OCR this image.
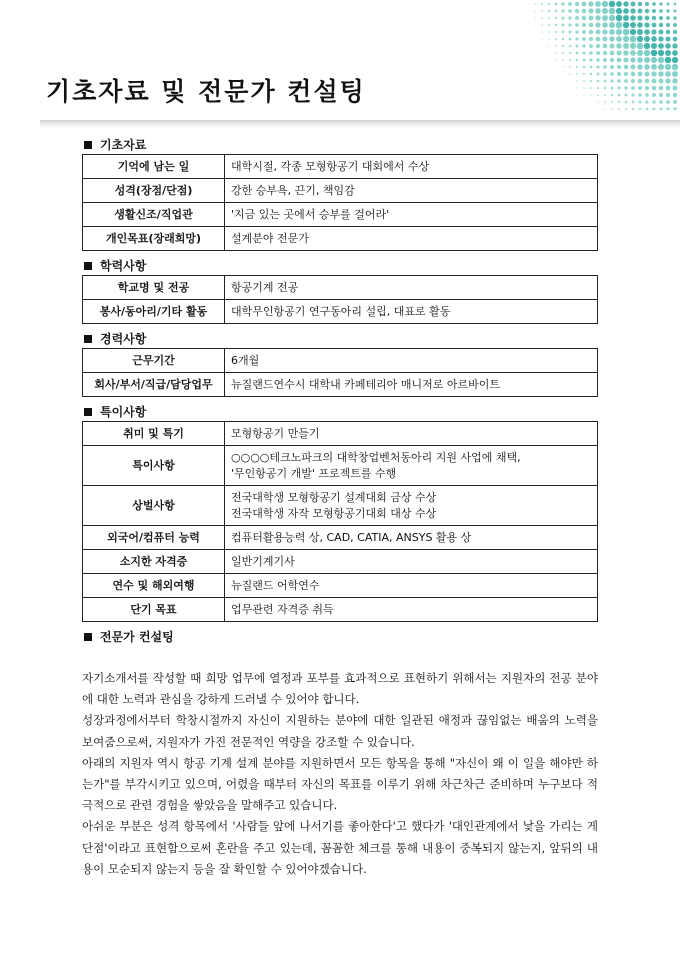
기초자료 및 전문가 컨설팅
기초자료
기억에 남는 일	대학시절, 각종 모형항공기 대회에서 수상
성격(장점/단점)	강한 승부욕, 끈기, 책임감
생활신조/직업관	'지금 있는 곳에서 승부를 걸어라'
개인목표(장래희망)	설계분야 전문가
학력사항
학교명 및 전공	항공기계 전공
봉사/동아리/기타 활동	대학무인항공기 연구동아리 설립, 대표로 활동
경력사항
근무기간	6개월
회사/부서/직급/담당업무	뉴질랜드연수시 대학내 카페테리아 매니저로 아르바이트
특이사항
취미 및 특기	모형항공기 만들기

특이사항	○○○○테크노파크의 대학창업벤처동아리 지원 사업에 채택,
'무인항공기 개발' 프로젝트를 수행

상벌사항	전국대학생 모형항공기 설계대회 금상 수상
전국대학생 자작 모형항공기대회 대상 수상

외국어/컴퓨터 능력	컴퓨터활용능력 상, CAD, CATIA, ANSYS 활용 상

소지한 자격증	일반기계기사

연수 및 해외여행	뉴질랜드 어학연수

단기 목표	업무관련 자격증 취득
전문가 컨설팅

자기소개서를 작성할 때 희망 업무에 열정과 포부를 효과적으로 표현하기 위해서는 지원자의 전공 분야에 대한 노력과 관심을 강하게 드러낼 수 있어야 합니다.

성장과정에서부터 학창시절까지 자신이 지원하는 분야에 대한 일관된 애정과 끊임없는 배움의 노력을 보여줌으로써, 지원자가 가진 전문적인 역량을 강조할 수 있습니다.

아래의 지원자 역시 항공 기계 설계 분야를 지원하면서 모든 항목을 통해 "자신이 왜 이 일을 해야만 하는가"를 부각시키고 있으며, 어렸을 때부터 자신의 목표를 이루기 위해 차근차근 준비하며 누구보다 적극적으로 관련 경험을 쌓았음을 말해주고 있습니다.

아쉬운 부분은 성격 항목에서 '사람들 앞에 나서기를 좋아한다'고 했다가 '대인관계에서 낯을 가리는 게 단점'이라고 표현함으로써 혼란을 주고 있는데, 꼼꼼한 체크를 통해 내용이 중복되지 않는지, 앞뒤의 내용이 모순되지 않는지 등을 잘 확인할 수 있어야겠습니다.
